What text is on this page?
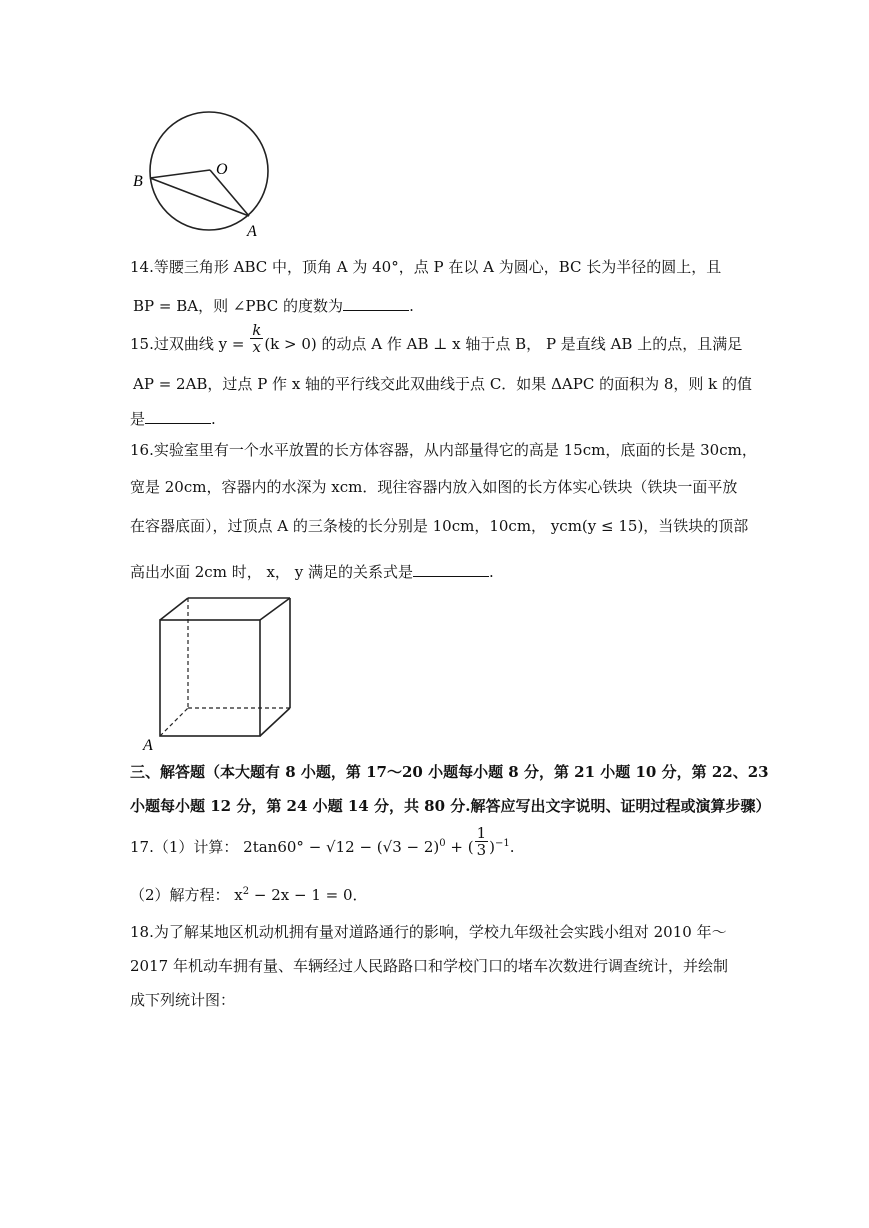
O
B
A
14.等腰三角形 ABC 中，顶角 A 为 40°，点 P 在以 A 为圆心，BC 长为半径的圆上，且
BP = BA，则 ∠PBC 的度数为	.
15.过双曲线 $y = \frac{k}{x} (k > 0)$ 的动点 A 作 AB ⊥ x 轴于点 B， P 是直线 AB 上的点，且满足
AP = 2AB，过点 P 作 x 轴的平行线交此双曲线于点 C．如果 ΔAPC 的面积为 8，则 k 的值
是	.
16.实验室里有一个水平放置的长方体容器，从内部量得它的高是 15cm，底面的长是 30cm，
宽是 20cm，容器内的水深为 xcm．现往容器内放入如图的长方体实心铁块（铁块一面平放
在容器底面），过顶点 A 的三条棱的长分别是 10cm，10cm， ycm(y ≤ 15)，当铁块的顶部
高出水面 2cm 时， x， y 满足的关系式是	.
A
三、解答题（本大题有 8 小题，第 17～20 小题每小题 8 分，第 21 小题 10 分，第 22、23
小题每小题 12 分，第 24 小题 14 分，共 80 分.解答应写出文字说明、证明过程或演算步骤）
17.（1）计算： $2\tan 60^\circ - √12 - (√3 - 2)^0$ + ( $\frac{1}{3} )^{-1}$.
（2）解方程： $x^2 - 2x - 1 = 0$．
18.为了解某地区机动机拥有量对道路通行的影响，学校九年级社会实践小组对 2010 年～
2017 年机动车拥有量、车辆经过人民路路口和学校门口的堵车次数进行调查统计，并绘制
成下列统计图：
